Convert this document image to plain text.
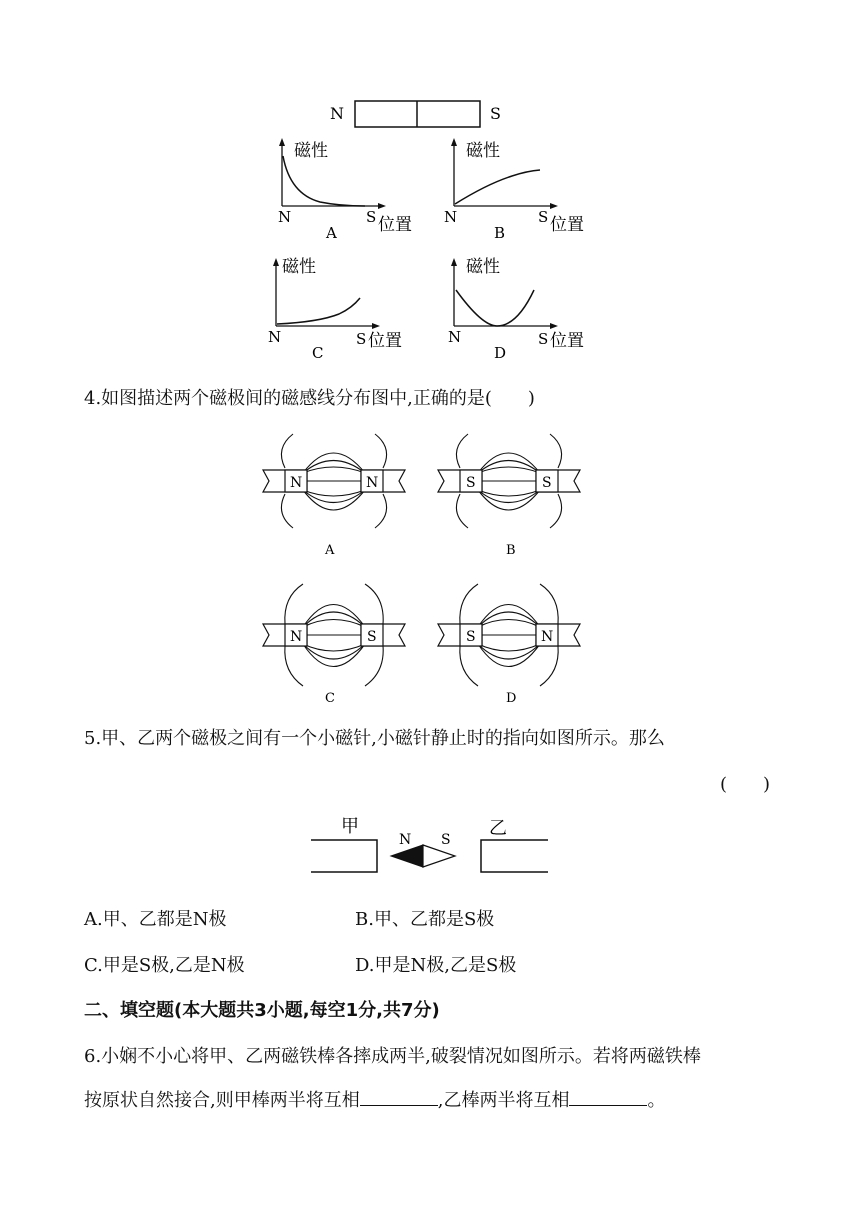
N	S
磁性
N	S 位置
A
磁性
N	S 位置
B
磁性
N	S 位置
C
磁性
N	S 位置
D
4.如图描述两个磁极间的磁感线分布图中,正确的是(　　)
N	N
A
S	S
B
N	S
C
S	N
D
5.甲、乙两个磁极之间有一个小磁针,小磁针静止时的指向如图所示。那么
(　　)
甲	乙
N S
A.甲、乙都是N极	B.甲、乙都是S极
C.甲是S极,乙是N极	D.甲是N极,乙是S极
二、填空题(本大题共3小题,每空1分,共7分)
6.小娴不小心将甲、乙两磁铁棒各摔成两半,破裂情况如图所示。若将两磁铁棒
按原状自然接合,则甲棒两半将互相	,乙棒两半将互相	。
